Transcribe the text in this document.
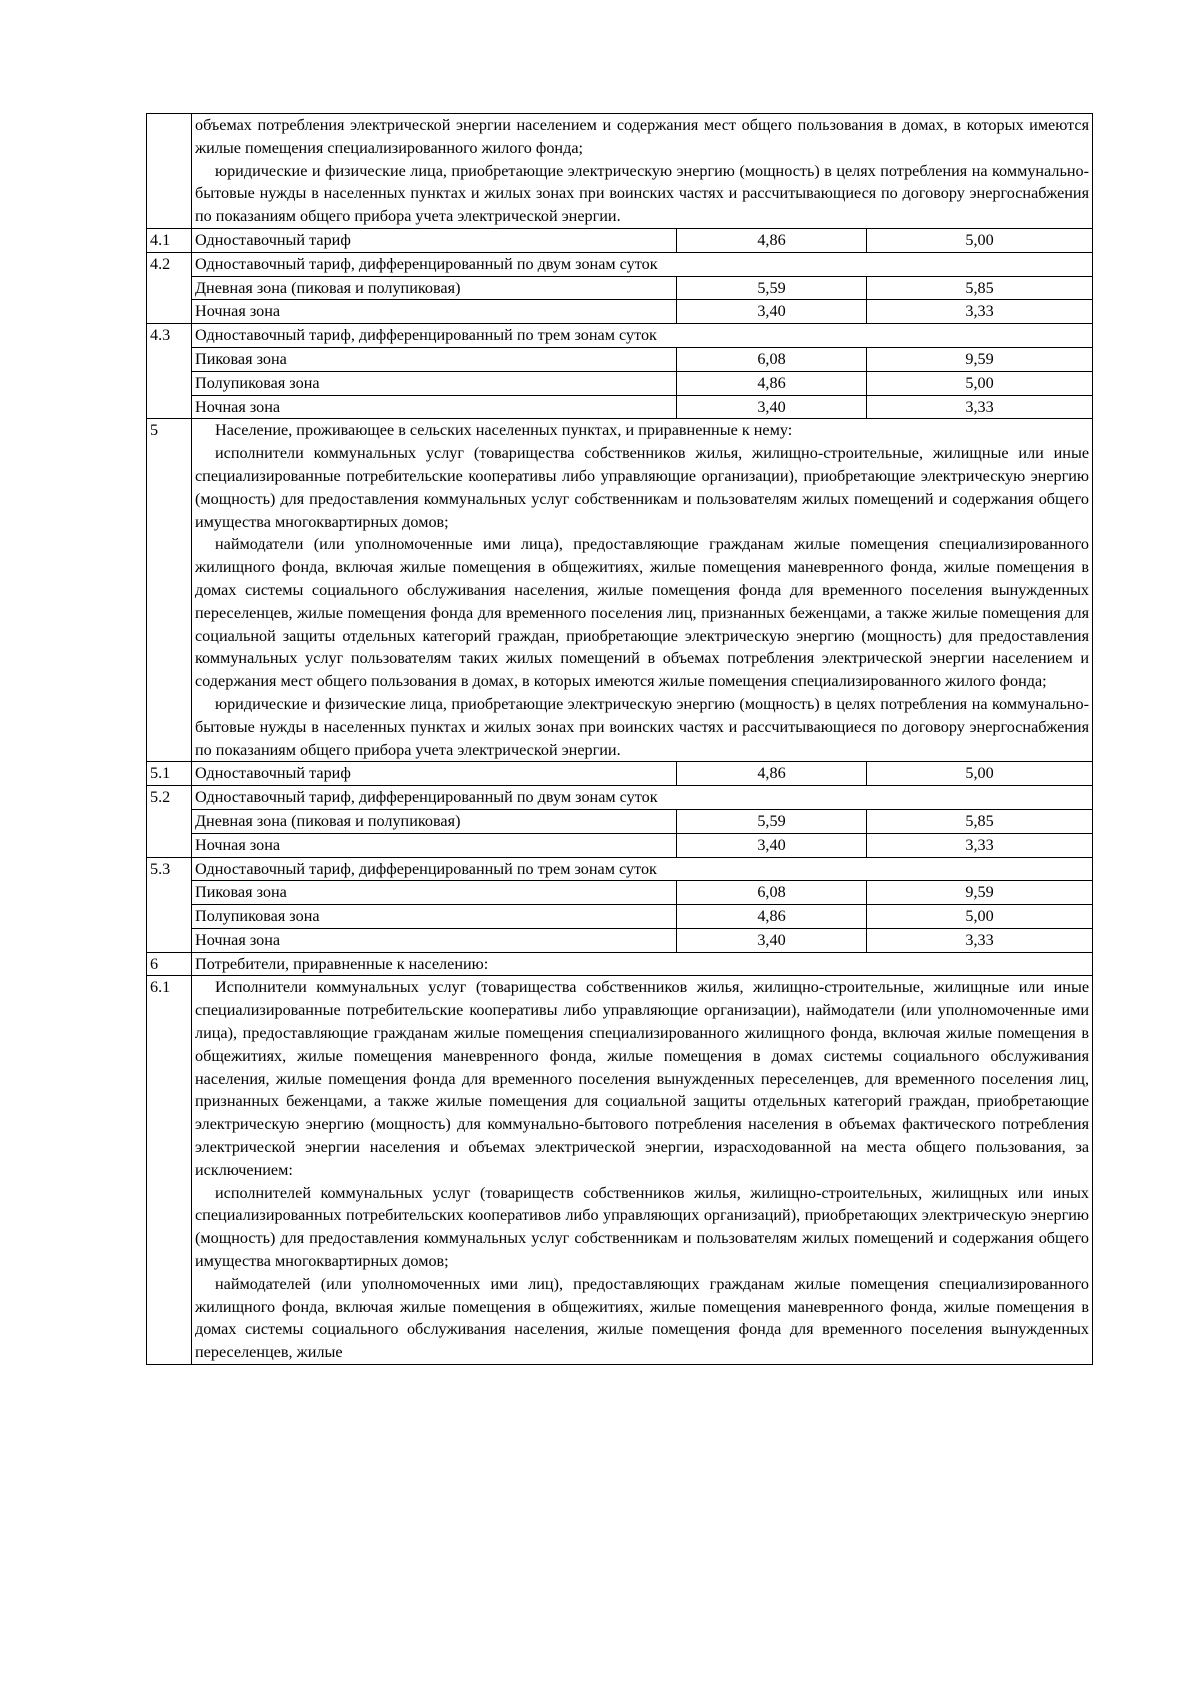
	объемах потребления электрической энергии населением и содержания мест общего пользования в домах, в которых имеются жилые помещения специализированного жилого фонда;

юридические и физические лица, приобретающие электрическую энергию (мощность) в целях потребления на коммунально-бытовые нужды в населенных пунктах и жилых зонах при воинских частях и рассчитывающиеся по договору энергоснабжения по показаниям общего прибора учета электрической энергии.		

4.1	Одноставочный тариф	4,86	5,00
4.2	Одноставочный тариф, дифференцированный по двум зонам суток		
	Дневная зона (пиковая и полупиковая)	5,59	5,85
	Ночная зона	3,40	3,33
4.3	Одноставочный тариф, дифференцированный по трем зонам суток		
	Пиковая зона	6,08	9,59
	Полупиковая зона	4,86	5,00
	Ночная зона	3,40	3,33
5	Население, проживающее в сельских населенных пунктах, и приравненные к нему:

исполнители коммунальных услуг (товарищества собственников жилья, жилищно-строительные, жилищные или иные специализированные потребительские кооперативы либо управляющие организации), приобретающие электрическую энергию (мощность) для предоставления коммунальных услуг собственникам и пользователям жилых помещений и содержания общего имущества многоквартирных домов;

наймодатели (или уполномоченные ими лица), предоставляющие гражданам жилые помещения специализированного жилищного фонда, включая жилые помещения в общежитиях, жилые помещения маневренного фонда, жилые помещения в домах системы социального обслуживания населения, жилые помещения фонда для временного поселения вынужденных переселенцев, жилые помещения фонда для временного поселения лиц, признанных беженцами, а также жилые помещения для социальной защиты отдельных категорий граждан, приобретающие электрическую энергию (мощность) для предоставления коммунальных услуг пользователям таких жилых помещений в объемах потребления электрической энергии населением и содержания мест общего пользования в домах, в которых имеются жилые помещения специализированного жилого фонда;

юридические и физические лица, приобретающие электрическую энергию (мощность) в целях потребления на коммунально-бытовые нужды в населенных пунктах и жилых зонах при воинских частях и рассчитывающиеся по договору энергоснабжения по показаниям общего прибора учета электрической энергии.		

5.1	Одноставочный тариф	4,86	5,00
5.2	Одноставочный тариф, дифференцированный по двум зонам суток		
	Дневная зона (пиковая и полупиковая)	5,59	5,85
	Ночная зона	3,40	3,33
5.3	Одноставочный тариф, дифференцированный по трем зонам суток		
	Пиковая зона	6,08	9,59
	Полупиковая зона	4,86	5,00
	Ночная зона	3,40	3,33
6	Потребители, приравненные к населению:		
6.1	Исполнители коммунальных услуг (товарищества собственников жилья, жилищно-строительные, жилищные или иные специализированные потребительские кооперативы либо управляющие организации), наймодатели (или уполномоченные ими лица), предоставляющие гражданам жилые помещения специализированного жилищного фонда, включая жилые помещения в общежитиях, жилые помещения маневренного фонда, жилые помещения в домах системы социального обслуживания населения, жилые помещения фонда для временного поселения вынужденных переселенцев, для временного поселения лиц, признанных беженцами, а также жилые помещения для социальной защиты отдельных категорий граждан, приобретающие электрическую энергию (мощность) для коммунально-бытового потребления населения в объемах фактического потребления электрической энергии населения и объемах электрической энергии, израсходованной на места общего пользования, за исключением:

исполнителей коммунальных услуг (товариществ собственников жилья, жилищно-строительных, жилищных или иных специализированных потребительских кооперативов либо управляющих организаций), приобретающих электрическую энергию (мощность) для предоставления коммунальных услуг собственникам и пользователям жилых помещений и содержания общего имущества многоквартирных домов;

наймодателей (или уполномоченных ими лиц), предоставляющих гражданам жилые помещения специализированного жилищного фонда, включая жилые помещения в общежитиях, жилые помещения маневренного фонда, жилые помещения в домах системы социального обслуживания населения, жилые помещения фонда для временного поселения вынужденных переселенцев, жилые		
